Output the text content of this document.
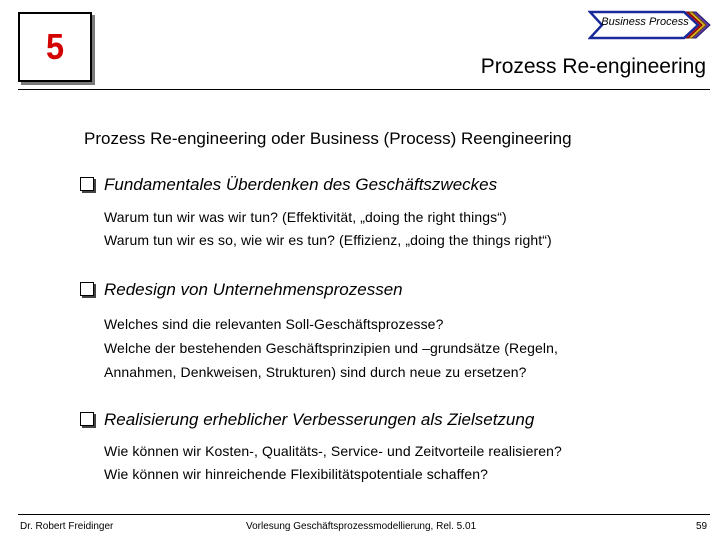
5
Business Process
Prozess Re-engineering
Prozess Re-engineering oder Business (Process) Reengineering
Fundamentales Überdenken des Geschäftszweckes
Warum tun wir was wir tun? (Effektivität, „doing the right things“)
Warum tun wir es so, wie wir es tun? (Effizienz, „doing the things right“)
Redesign von Unternehmensprozessen
Welches sind die relevanten Soll-Geschäftsprozesse?
Welche der bestehenden Geschäftsprinzipien und –grundsätze (Regeln,
Annahmen, Denkweisen, Strukturen) sind durch neue zu ersetzen?
Realisierung erheblicher Verbesserungen als Zielsetzung
Wie können wir Kosten-, Qualitäts-, Service- und Zeitvorteile realisieren?
Wie können wir hinreichende Flexibilitätspotentiale schaffen?
Dr. Robert Freidinger	Vorlesung Geschäftsprozessmodellierung, Rel. 5.01	59
